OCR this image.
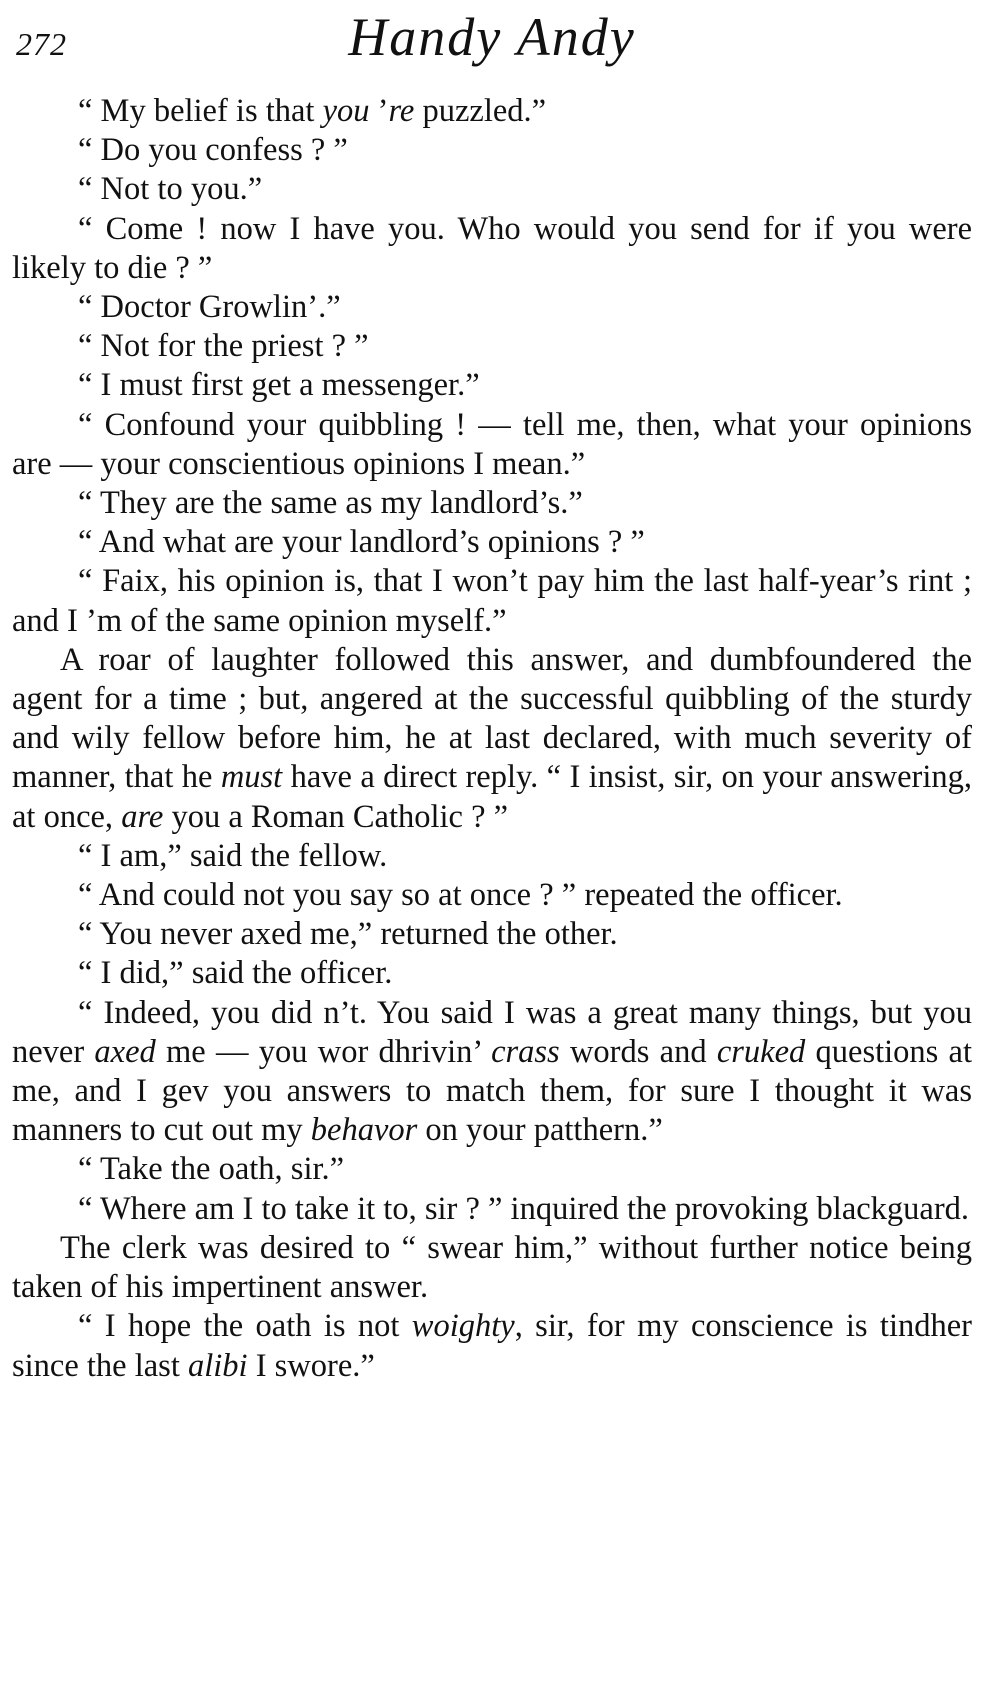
272	Handy Andy

“ My belief is that you ’re puzzled.”

“ Do you confess ? ”

“ Not to you.”

“ Come ! now I have you. Who would you send for if you were likely to die ? ”

“ Doctor Growlin’.”

“ Not for the priest ? ”

“ I must first get a messenger.”

“ Confound your quibbling ! — tell me, then, what your opinions are — your conscientious opinions I mean.”

“ They are the same as my landlord’s.”

“ And what are your landlord’s opinions ? ”

“ Faix, his opinion is, that I won’t pay him the last half-year’s rint ; and I ’m of the same opinion myself.”

A roar of laughter followed this answer, and dumbfoundered the agent for a time ; but, angered at the successful quibbling of the sturdy and wily fellow before him, he at last declared, with much severity of manner, that he must have a direct reply. “ I insist, sir, on your answering, at once, are you a Roman Catholic ? ”

“ I am,” said the fellow.

“ And could not you say so at once ? ” repeated the officer.

“ You never axed me,” returned the other.

“ I did,” said the officer.

“ Indeed, you did n’t. You said I was a great many things, but you never axed me — you wor dhrivin’ crass words and cruked questions at me, and I gev you answers to match them, for sure I thought it was manners to cut out my behavor on your patthern.”

“ Take the oath, sir.”

“ Where am I to take it to, sir ? ” inquired the provoking blackguard.

The clerk was desired to “ swear him,” without further notice being taken of his impertinent answer.

“ I hope the oath is not woighty, sir, for my conscience is tindher since the last alibi I swore.”
